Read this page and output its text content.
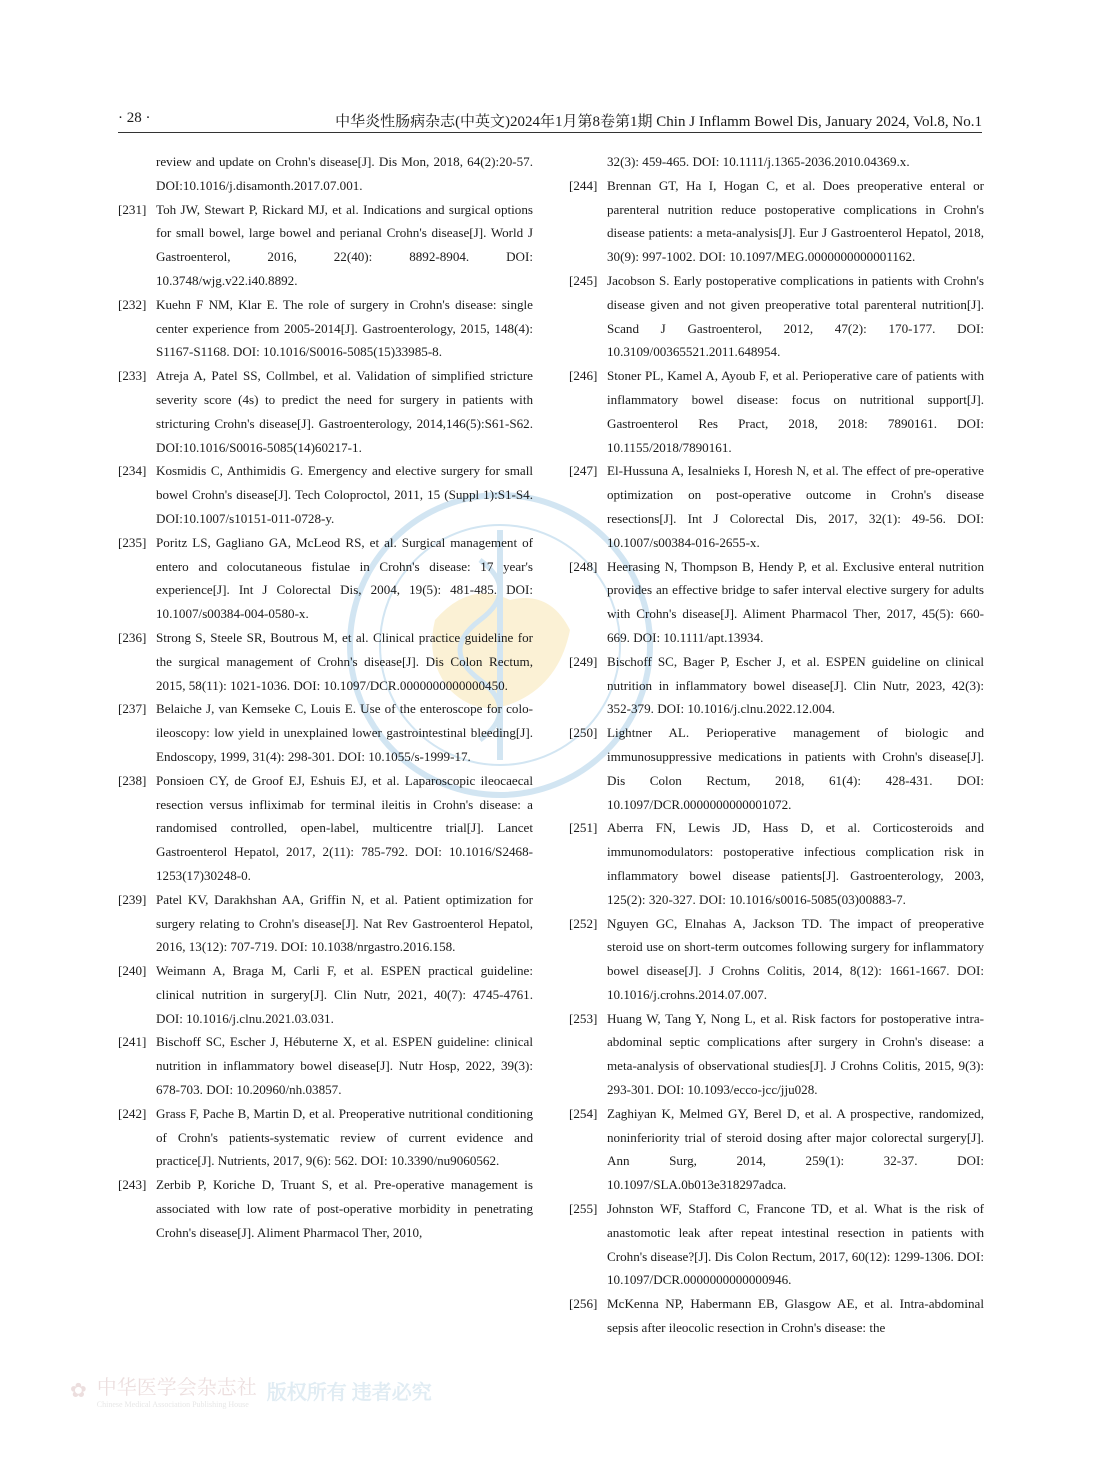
· 28 ·	中华炎性肠病杂志(中英文)2024年1月第8卷第1期 Chin J Inflamm Bowel Dis, January 2024, Vol.8, No.1
review and update on Crohn's disease[J]. Dis Mon, 2018, 64(2):20-57. DOI:10.1016/j.disamonth.2017.07.001.
[231] Toh JW, Stewart P, Rickard MJ, et al. Indications and surgical options for small bowel, large bowel and perianal Crohn's disease[J]. World J Gastroenterol, 2016, 22(40): 8892-8904. DOI: 10.3748/wjg.v22.i40.8892.
[232] Kuehn F NM, Klar E. The role of surgery in Crohn's disease: single center experience from 2005-2014[J]. Gastroenterology, 2015, 148(4): S1167-S1168. DOI: 10.1016/S0016-5085(15)33985-8.
[233] Atreja A, Patel SS, Collmbel, et al. Validation of simplified stricture severity score (4s) to predict the need for surgery in patients with stricturing Crohn's disease[J]. Gastroenterology, 2014,146(5):S61-S62. DOI:10.1016/S0016-5085(14)60217-1.
[234] Kosmidis C, Anthimidis G. Emergency and elective surgery for small bowel Crohn's disease[J]. Tech Coloproctol, 2011, 15 (Suppl 1):S1-S4. DOI:10.1007/s10151-011-0728-y.
[235] Poritz LS, Gagliano GA, McLeod RS, et al. Surgical management of entero and colocutaneous fistulae in Crohn's disease: 17 year's experience[J]. Int J Colorectal Dis, 2004, 19(5): 481-485. DOI: 10.1007/s00384-004-0580-x.
[236] Strong S, Steele SR, Boutrous M, et al. Clinical practice guideline for the surgical management of Crohn's disease[J]. Dis Colon Rectum, 2015, 58(11): 1021-1036. DOI: 10.1097/DCR.0000000000000450.
[237] Belaiche J, van Kemseke C, Louis E. Use of the enteroscope for colo-ileoscopy: low yield in unexplained lower gastrointestinal bleeding[J]. Endoscopy, 1999, 31(4): 298-301. DOI: 10.1055/s-1999-17.
[238] Ponsioen CY, de Groof EJ, Eshuis EJ, et al. Laparoscopic ileocaecal resection versus infliximab for terminal ileitis in Crohn's disease: a randomised controlled, open-label, multicentre trial[J]. Lancet Gastroenterol Hepatol, 2017, 2(11): 785-792. DOI: 10.1016/S2468-1253(17)30248-0.
[239] Patel KV, Darakhshan AA, Griffin N, et al. Patient optimization for surgery relating to Crohn's disease[J]. Nat Rev Gastroenterol Hepatol, 2016, 13(12): 707-719. DOI: 10.1038/nrgastro.2016.158.
[240] Weimann A, Braga M, Carli F, et al. ESPEN practical guideline: clinical nutrition in surgery[J]. Clin Nutr, 2021, 40(7): 4745-4761. DOI: 10.1016/j.clnu.2021.03.031.
[241] Bischoff SC, Escher J, Hébuterne X, et al. ESPEN guideline: clinical nutrition in inflammatory bowel disease[J]. Nutr Hosp, 2022, 39(3): 678-703. DOI: 10.20960/nh.03857.
[242] Grass F, Pache B, Martin D, et al. Preoperative nutritional conditioning of Crohn's patients-systematic review of current evidence and practice[J]. Nutrients, 2017, 9(6): 562. DOI: 10.3390/nu9060562.
[243] Zerbib P, Koriche D, Truant S, et al. Pre-operative management is associated with low rate of post-operative morbidity in penetrating Crohn's disease[J]. Aliment Pharmacol Ther, 2010,
32(3): 459-465. DOI: 10.1111/j.1365-2036.2010.04369.x.
[244] Brennan GT, Ha I, Hogan C, et al. Does preoperative enteral or parenteral nutrition reduce postoperative complications in Crohn's disease patients: a meta-analysis[J]. Eur J Gastroenterol Hepatol, 2018, 30(9): 997-1002. DOI: 10.1097/MEG.0000000000001162.
[245] Jacobson S. Early postoperative complications in patients with Crohn's disease given and not given preoperative total parenteral nutrition[J]. Scand J Gastroenterol, 2012, 47(2): 170-177. DOI: 10.3109/00365521.2011.648954.
[246] Stoner PL, Kamel A, Ayoub F, et al. Perioperative care of patients with inflammatory bowel disease: focus on nutritional support[J]. Gastroenterol Res Pract, 2018, 2018: 7890161. DOI: 10.1155/2018/7890161.
[247] El-Hussuna A, Iesalnieks I, Horesh N, et al. The effect of pre-operative optimization on post-operative outcome in Crohn's disease resections[J]. Int J Colorectal Dis, 2017, 32(1): 49-56. DOI: 10.1007/s00384-016-2655-x.
[248] Heerasing N, Thompson B, Hendy P, et al. Exclusive enteral nutrition provides an effective bridge to safer interval elective surgery for adults with Crohn's disease[J]. Aliment Pharmacol Ther, 2017, 45(5): 660-669. DOI: 10.1111/apt.13934.
[249] Bischoff SC, Bager P, Escher J, et al. ESPEN guideline on clinical nutrition in inflammatory bowel disease[J]. Clin Nutr, 2023, 42(3): 352-379. DOI: 10.1016/j.clnu.2022.12.004.
[250] Lightner AL. Perioperative management of biologic and immunosuppressive medications in patients with Crohn's disease[J]. Dis Colon Rectum, 2018, 61(4): 428-431. DOI: 10.1097/DCR.0000000000001072.
[251] Aberra FN, Lewis JD, Hass D, et al. Corticosteroids and immunomodulators: postoperative infectious complication risk in inflammatory bowel disease patients[J]. Gastroenterology, 2003, 125(2): 320-327. DOI: 10.1016/s0016-5085(03)00883-7.
[252] Nguyen GC, Elnahas A, Jackson TD. The impact of preoperative steroid use on short-term outcomes following surgery for inflammatory bowel disease[J]. J Crohns Colitis, 2014, 8(12): 1661-1667. DOI: 10.1016/j.crohns.2014.07.007.
[253] Huang W, Tang Y, Nong L, et al. Risk factors for postoperative intra-abdominal septic complications after surgery in Crohn's disease: a meta-analysis of observational studies[J]. J Crohns Colitis, 2015, 9(3): 293-301. DOI: 10.1093/ecco-jcc/jju028.
[254] Zaghiyan K, Melmed GY, Berel D, et al. A prospective, randomized, noninferiority trial of steroid dosing after major colorectal surgery[J]. Ann Surg, 2014, 259(1): 32-37. DOI: 10.1097/SLA.0b013e318297adca.
[255] Johnston WF, Stafford C, Francone TD, et al. What is the risk of anastomotic leak after repeat intestinal resection in patients with Crohn's disease?[J]. Dis Colon Rectum, 2017, 60(12): 1299-1306. DOI: 10.1097/DCR.0000000000000946.
[256] McKenna NP, Habermann EB, Glasgow AE, et al. Intra-abdominal sepsis after ileocolic resection in Crohn's disease: the
✿ 中华医学会杂志社
Chinese Medical Association Publishing House
版权所有 违者必究
